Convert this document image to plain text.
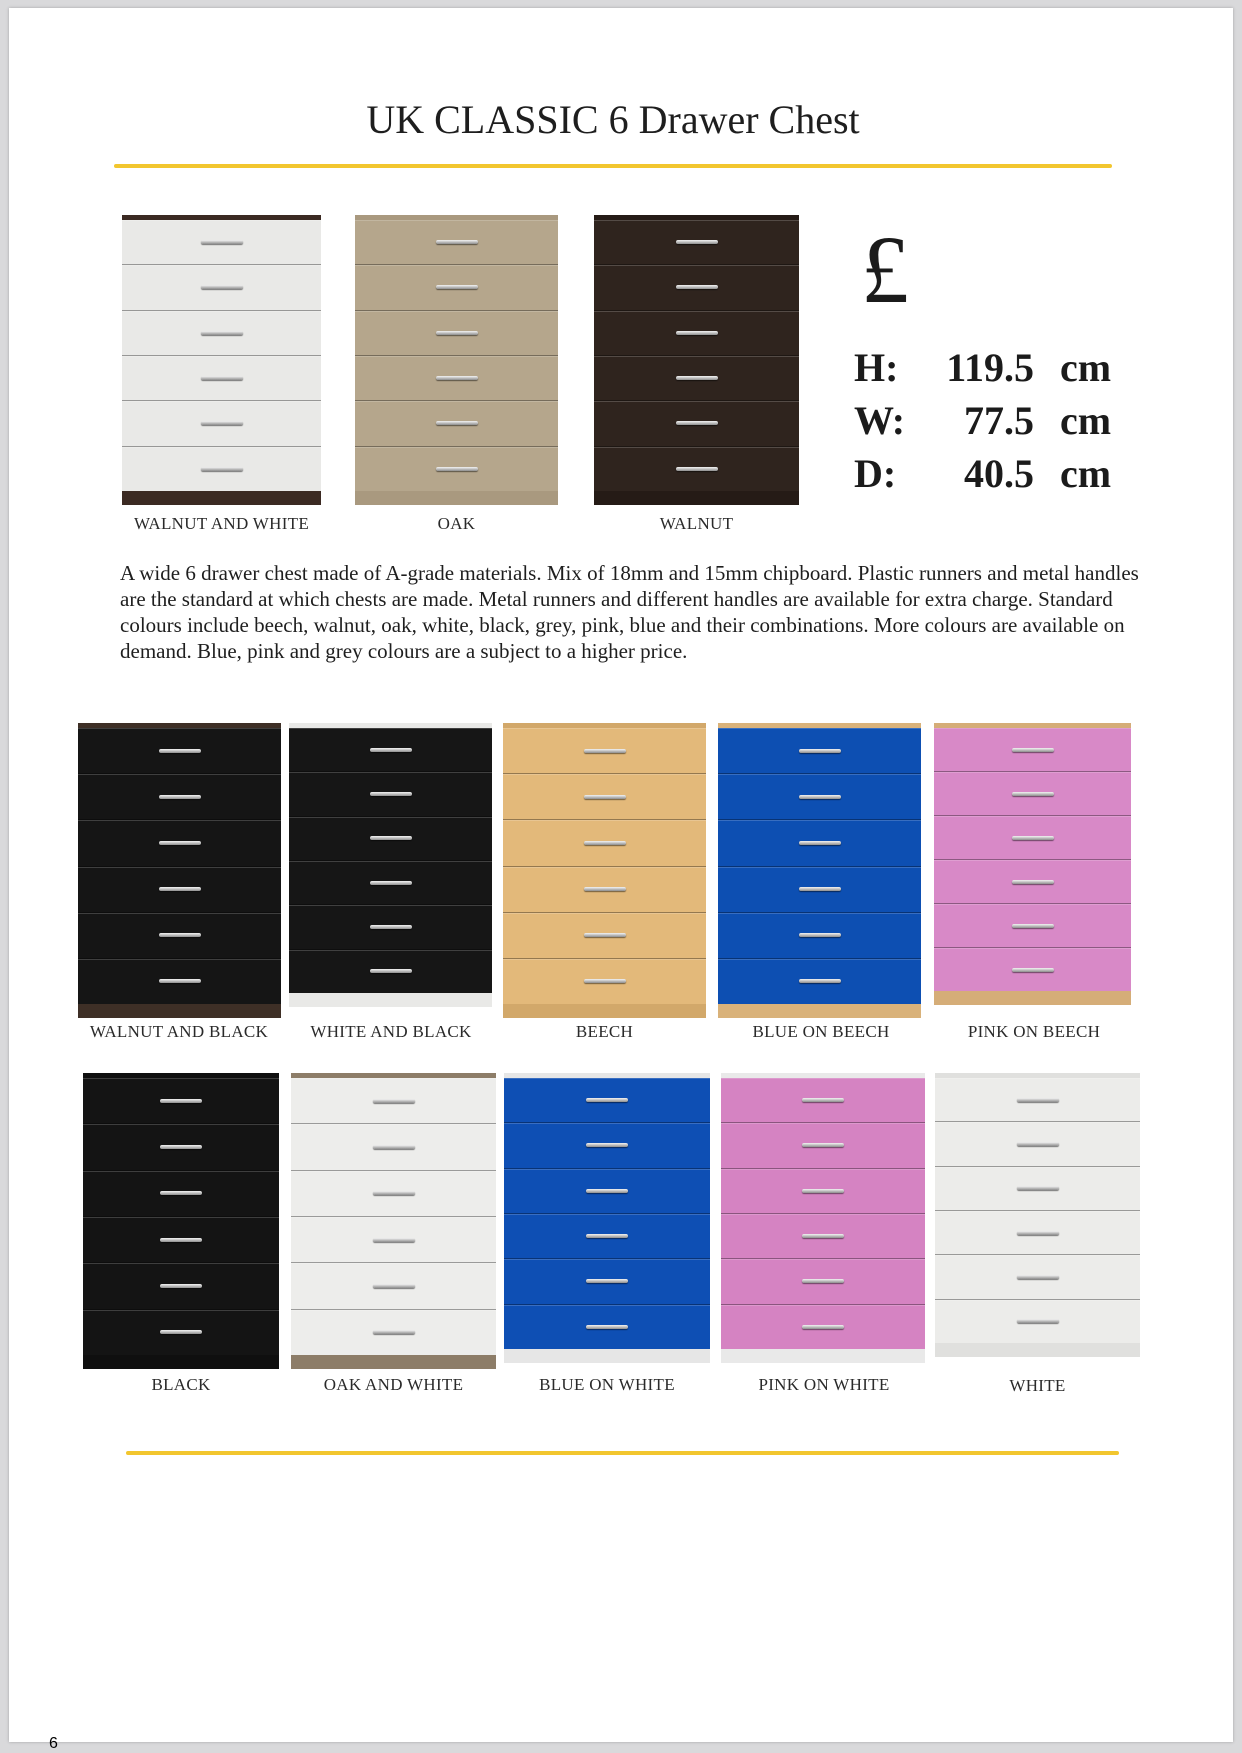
UK CLASSIC 6 Drawer Chest
WALNUT AND WHITE	OAK	WALNUT
£
H:	119.5 cm
W:	77.5 cm
D:	40.5 cm

A wide 6 drawer chest made of A-grade materials. Mix of 18mm and 15mm chipboard. Plastic runners and metal handles are the standard at which chests are made. Metal runners and different handles are available for extra charge. Standard colours include beech, walnut, oak, white, black, grey, pink, blue and their combinations. More colours are available on demand. Blue, pink and grey colours are a subject to a higher price.

WALNUT AND BLACK	WHITE AND BLACK	BEECH	BLUE ON BEECH	PINK ON BEECH
BLACK	OAK AND WHITE	BLUE ON WHITE	PINK ON WHITE	WHITE
6
